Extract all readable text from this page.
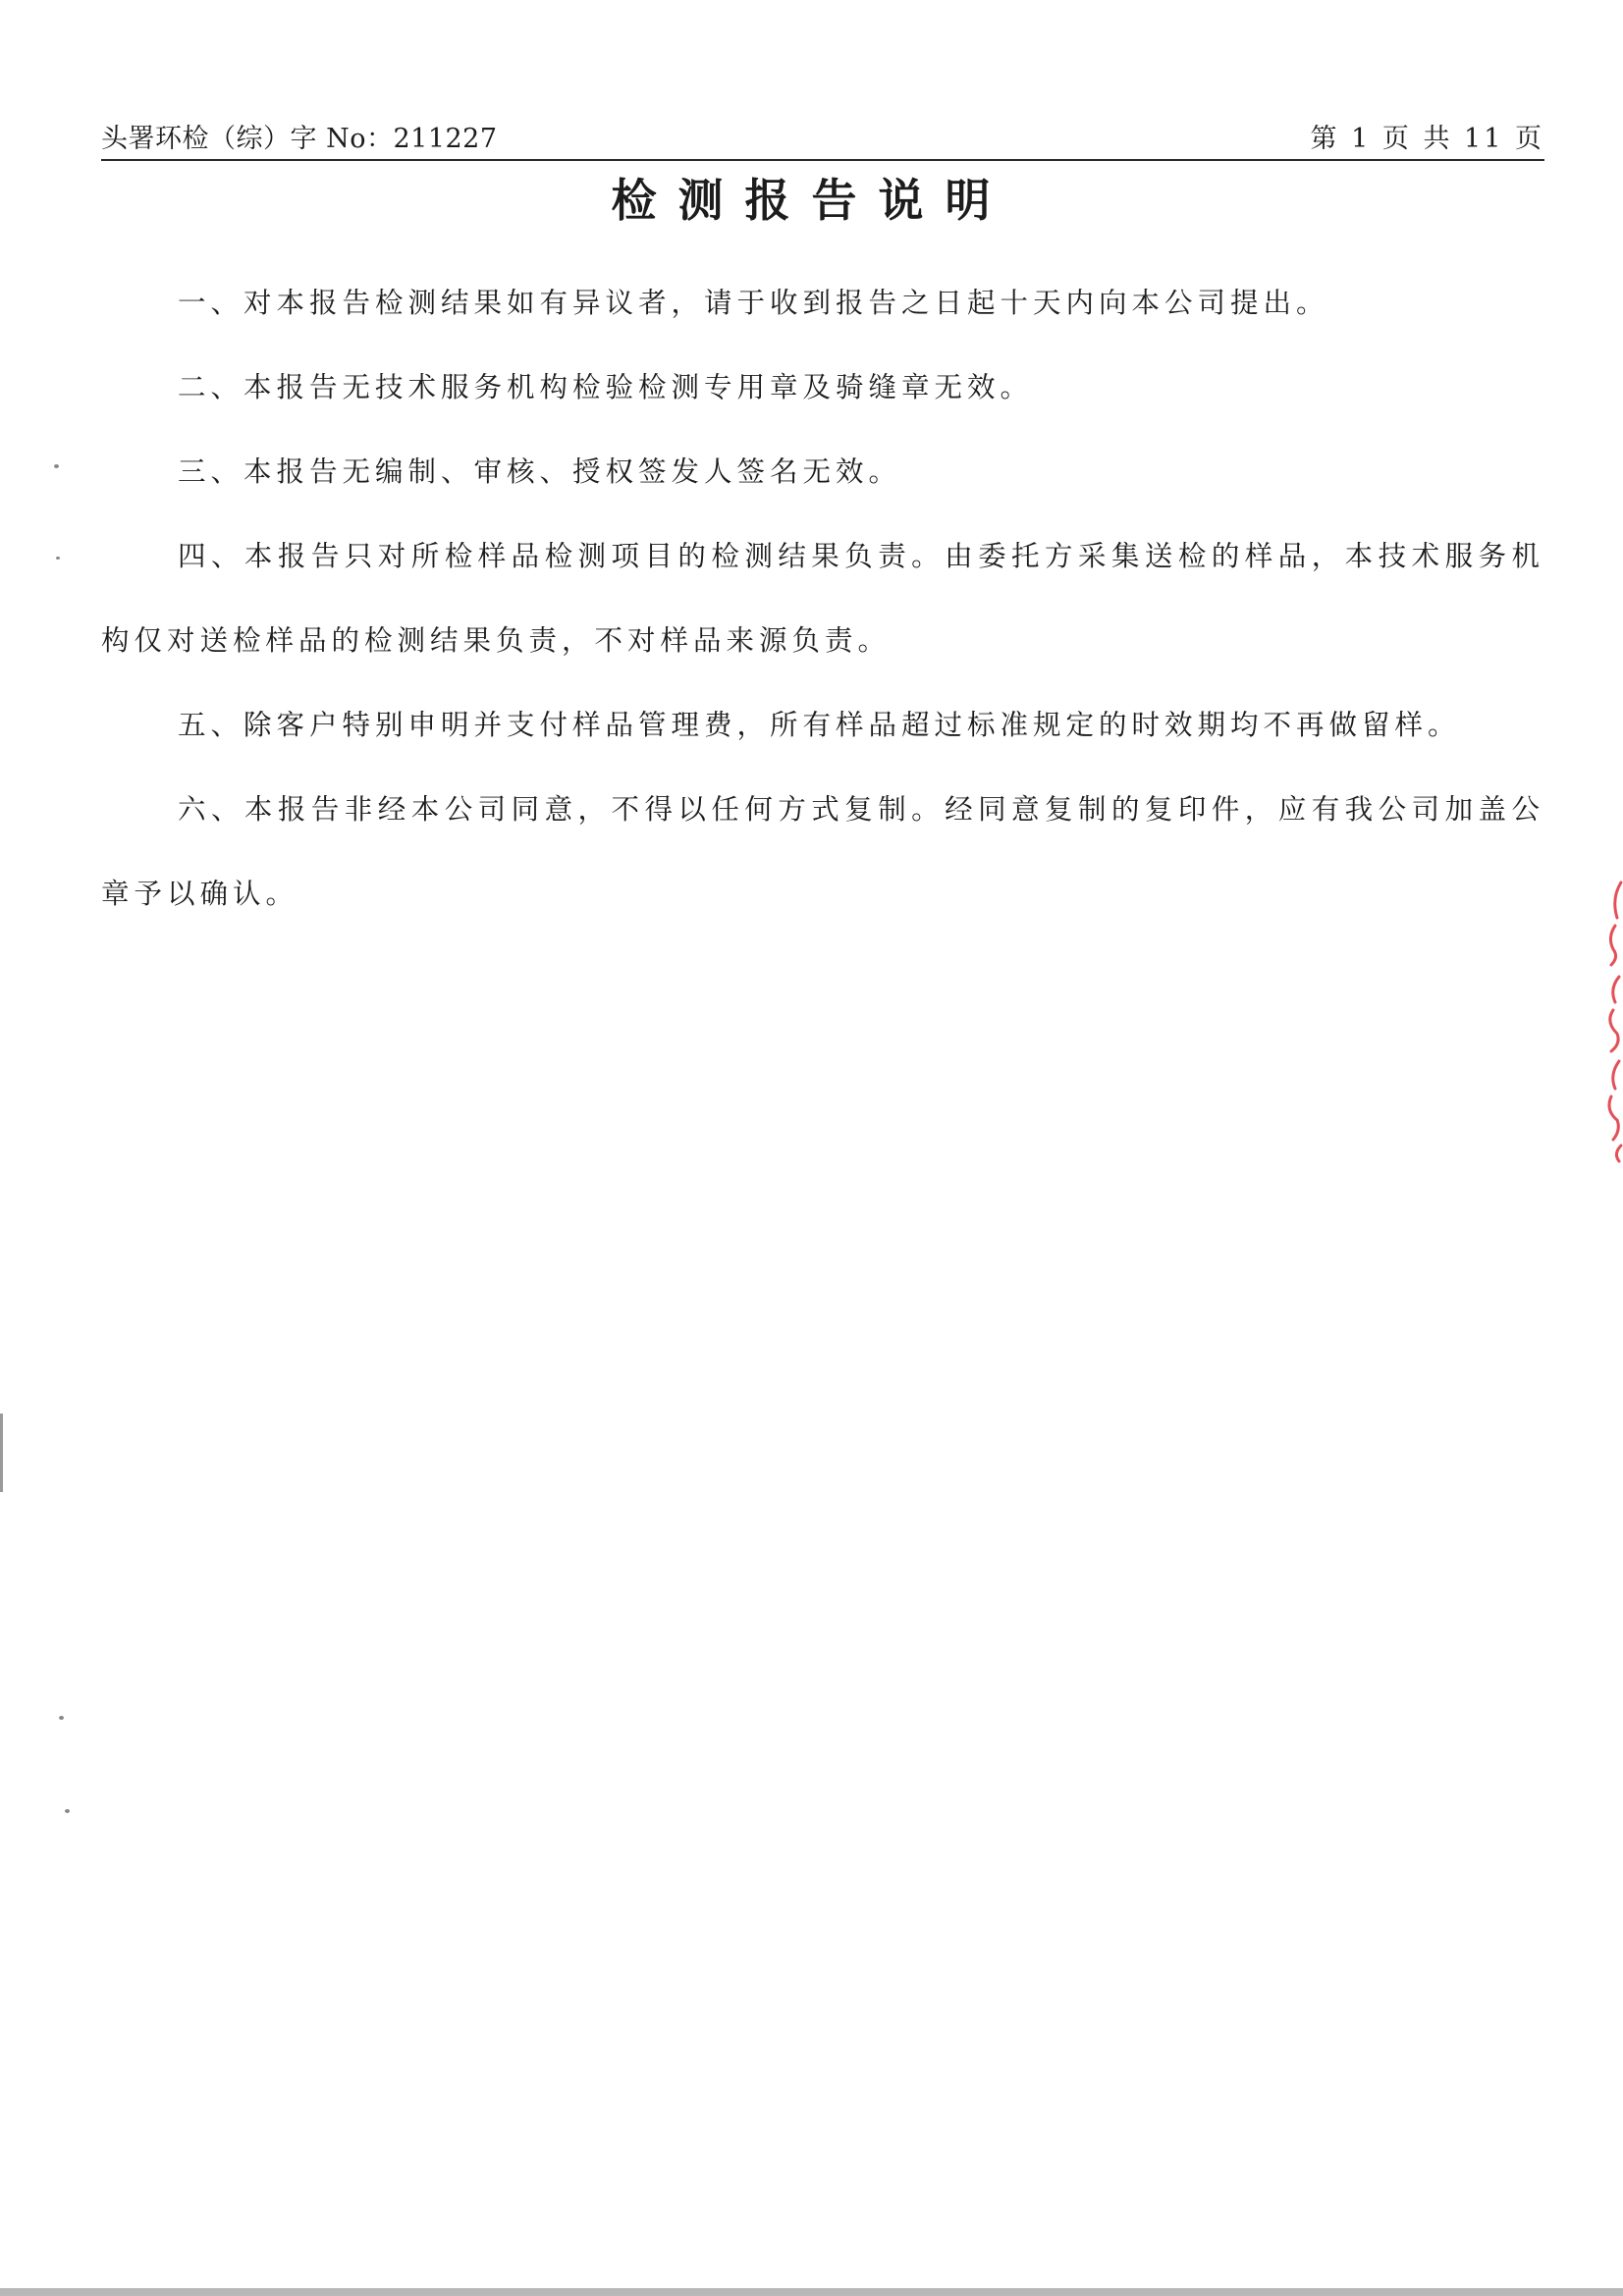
头署环检（综）字 No：211227	第 1 页 共 11 页
检测报告说明

一、对本报告检测结果如有异议者，请于收到报告之日起十天内向本公司提出。

二、本报告无技术服务机构检验检测专用章及骑缝章无效。

三、本报告无编制、审核、授权签发人签名无效。

四、本报告只对所检样品检测项目的检测结果负责。由委托方采集送检的样品，本技术服务机构仅对送检样品的检测结果负责，不对样品来源负责。

五、除客户特别申明并支付样品管理费，所有样品超过标准规定的时效期均不再做留样。

六、本报告非经本公司同意，不得以任何方式复制。经同意复制的复印件，应有我公司加盖公章予以确认。
